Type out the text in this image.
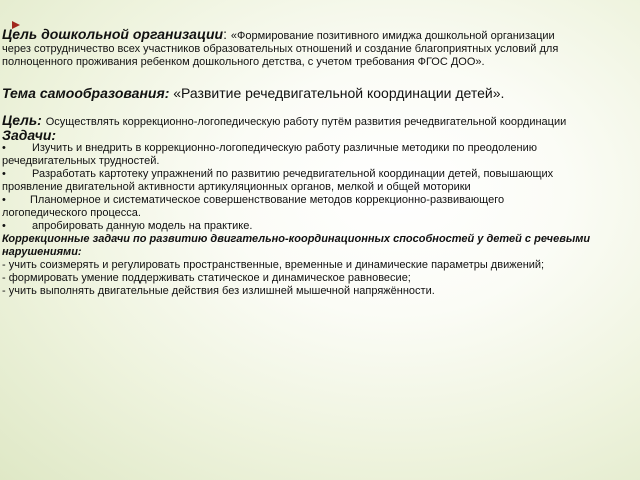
Цель дошкольной организации: «Формирование позитивного имиджа дошкольной организации
через сотрудничество всех участников образовательных отношений и создание благоприятных условий для
полноценного проживания ребенком дошкольного детства, с учетом требования ФГОС ДОО».
Тема самообразования: «Развитие речедвигательной координации детей».
Цель: Осуществлять коррекционно-логопедическую работу путём развития речедвигательной координации
Задачи:
• Изучить и внедрить в коррекционно-логопедическую работу различные методики по преодолению
речедвигательных трудностей.
• Разработать картотеку упражнений по развитию речедвигательной координации детей, повышающих
проявление двигательной активности артикуляционных органов, мелкой и общей моторики
• Планомерное и систематическое совершенствование методов коррекционно-развивающего
логопедического процесса.
• апробировать данную модель на практике.
Коррекционные задачи по развитию двигательно-координационных способностей у детей с речевыми
нарушениями:
- учить соизмерять и регулировать пространственные, временные и динамические параметры движений;
- формировать умение поддерживать статическое и динамическое равновесие;
- учить выполнять двигательные действия без излишней мышечной напряжённости.
